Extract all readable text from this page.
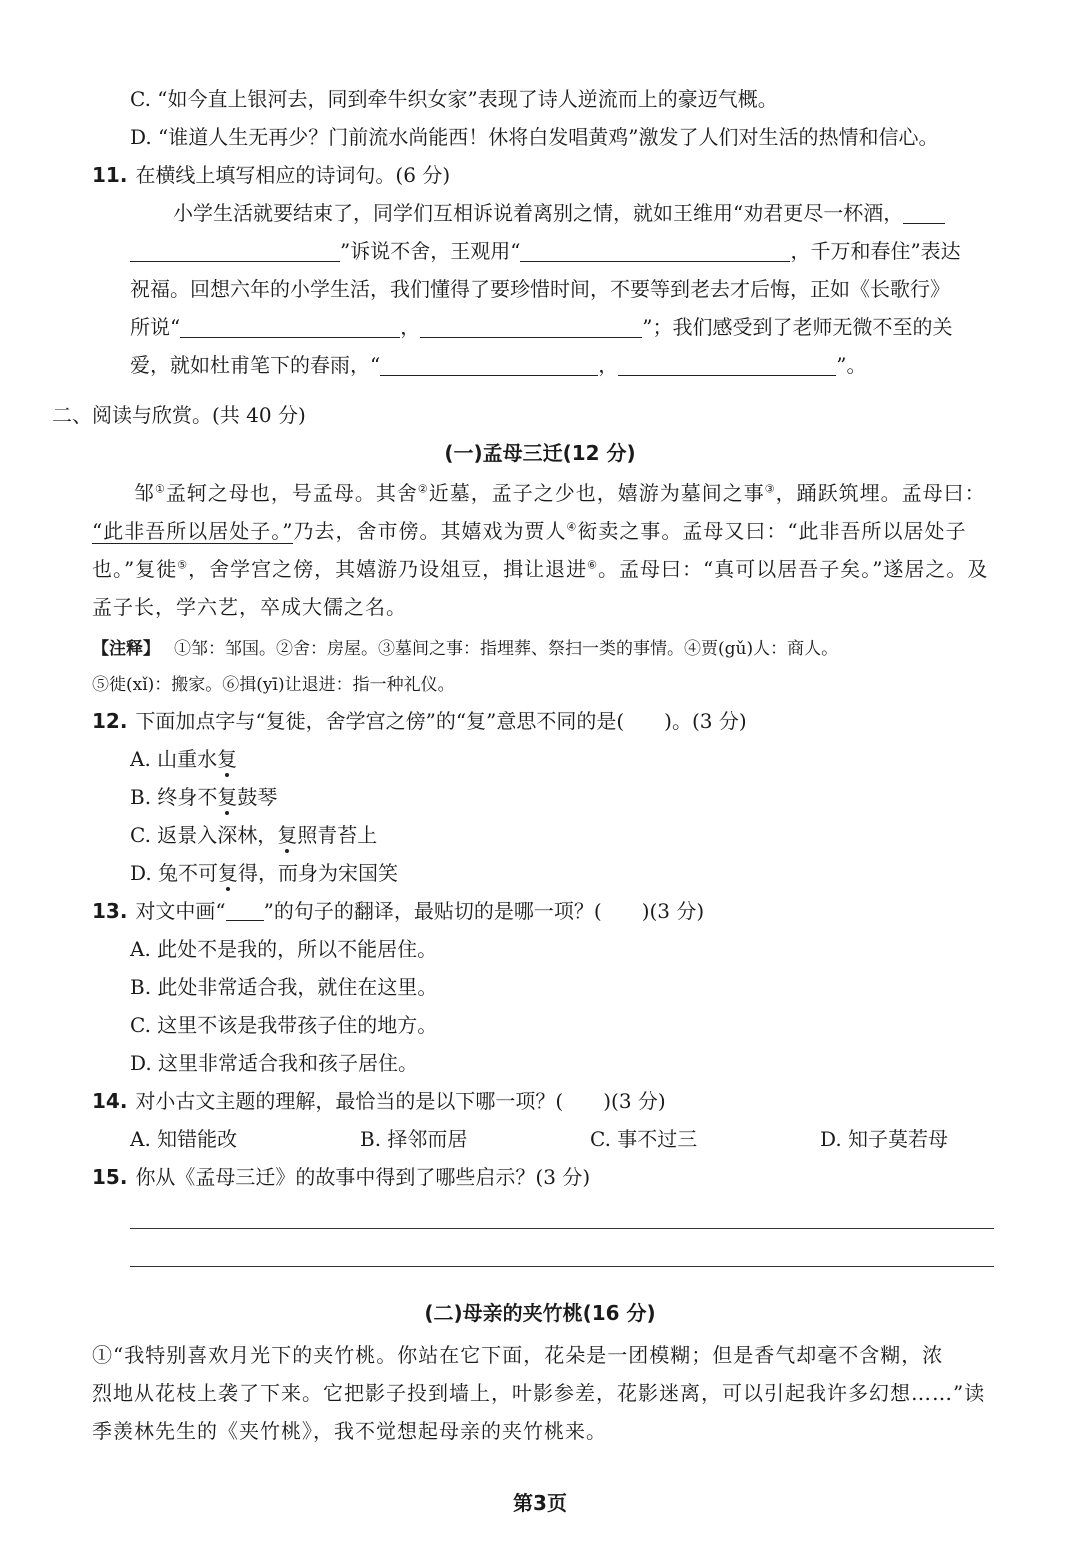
C. “如今直上银河去，同到牵牛织女家”表现了诗人逆流而上的豪迈气概。
D. “谁道人生无再少？门前流水尚能西！休将白发唱黄鸡”激发了人们对生活的热情和信心。
11. 在横线上填写相应的诗词句。(6 分)
小学生活就要结束了，同学们互相诉说着离别之情，就如王维用“劝君更尽一杯酒，
”诉说不舍，王观用“	，千万和春住”表达
祝福。回想六年的小学生活，我们懂得了要珍惜时间，不要等到老去才后悔，正如《长歌行》
所说“	，	”；我们感受到了老师无微不至的关
爱，就如杜甫笔下的春雨，“	，	”。
二、阅读与欣赏。(共 40 分)
(一)孟母三迁(12 分)
邹①孟轲之母也，号孟母。其舍②近墓，孟子之少也，嬉游为墓间之事③，踊跃筑埋。孟母曰：
“此非吾所以居处子。”乃去，舍市傍。其嬉戏为贾人④衒卖之事。孟母又曰：“此非吾所以居处子
也。”复徙⑤，舍学宫之傍，其嬉游乃设俎豆，揖让退进⑥。孟母曰：“真可以居吾子矣。”遂居之。及
孟子长，学六艺，卒成大儒之名。
【注释】 ①邹：邹国。②舍：房屋。③墓间之事：指埋葬、祭扫一类的事情。④贾(gǔ)人：商人。
⑤徙(xǐ)：搬家。⑥揖(yī)让退进：指一种礼仪。
12. 下面加点字与“复徙，舍学宫之傍”的“复”意思不同的是(　　)。(3 分)
A. 山重水复
B. 终身不复鼓琴
C. 返景入深林，复照青苔上
D. 兔不可复得，而身为宋国笑
13. 对文中画“ ”的句子的翻译，最贴切的是哪一项？(　　)(3 分)
A. 此处不是我的，所以不能居住。
B. 此处非常适合我，就住在这里。
C. 这里不该是我带孩子住的地方。
D. 这里非常适合我和孩子居住。
14. 对小古文主题的理解，最恰当的是以下哪一项？(　　)(3 分)
A. 知错能改	B. 择邻而居	C. 事不过三	D. 知子莫若母
15. 你从《孟母三迁》的故事中得到了哪些启示？(3 分)
(二)母亲的夹竹桃(16 分)
①“我特别喜欢月光下的夹竹桃。你站在它下面，花朵是一团模糊；但是香气却毫不含糊，浓
烈地从花枝上袭了下来。它把影子投到墙上，叶影参差，花影迷离，可以引起我许多幻想……”读
季羡林先生的《夹竹桃》，我不觉想起母亲的夹竹桃来。
第3页
